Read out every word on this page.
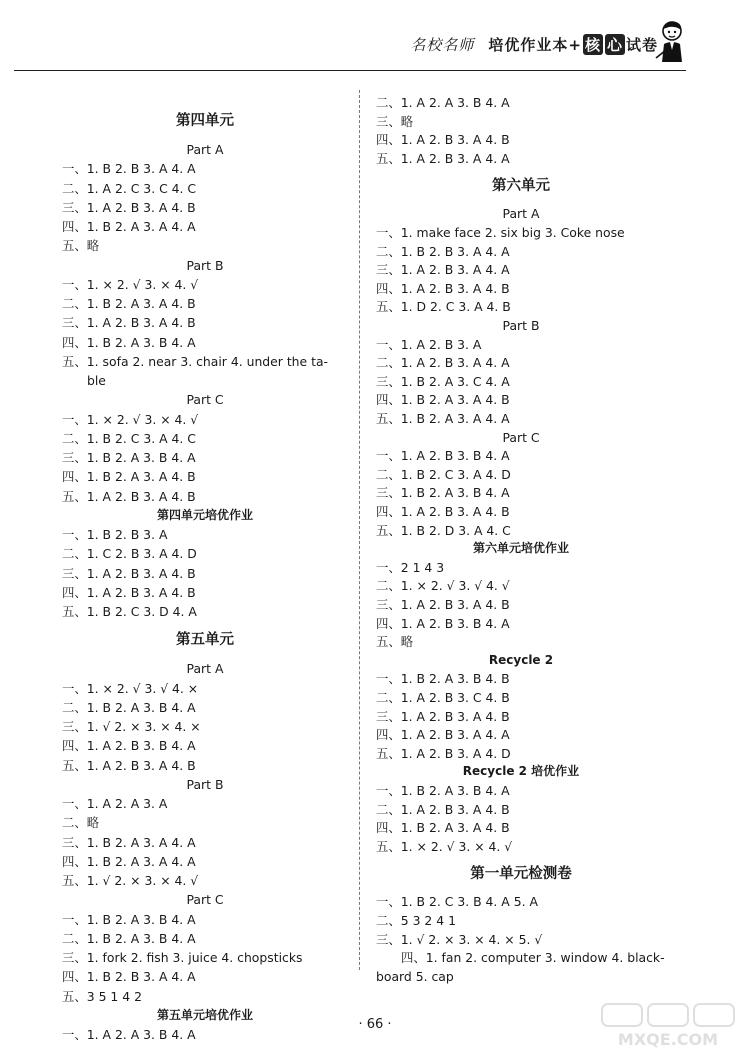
名校名师 培优作业本+ 核 心 试卷
第四单元
Part A
一、1. B 2. B 3. A 4. A
二、1. A 2. C 3. C 4. C
三、1. A 2. B 3. A 4. B
四、1. B 2. A 3. A 4. A
五、略
Part B
一、1. × 2. √ 3. × 4. √
二、1. B 2. A 3. A 4. B
三、1. A 2. B 3. A 4. B
四、1. B 2. A 3. B 4. A
五、1. sofa 2. near 3. chair 4. under the ta-
ble
Part C
一、1. × 2. √ 3. × 4. √
二、1. B 2. C 3. A 4. C
三、1. B 2. A 3. B 4. A
四、1. B 2. A 3. A 4. B
五、1. A 2. B 3. A 4. B
第四单元培优作业
一、1. B 2. B 3. A
二、1. C 2. B 3. A 4. D
三、1. A 2. B 3. A 4. B
四、1. A 2. B 3. A 4. B
五、1. B 2. C 3. D 4. A
第五单元
Part A
一、1. × 2. √ 3. √ 4. ×
二、1. B 2. A 3. B 4. A
三、1. √ 2. × 3. × 4. ×
四、1. A 2. B 3. B 4. A
五、1. A 2. B 3. A 4. B
Part B
一、1. A 2. A 3. A
二、略
三、1. B 2. A 3. A 4. A
四、1. B 2. A 3. A 4. A
五、1. √ 2. × 3. × 4. √
Part C
一、1. B 2. A 3. B 4. A
二、1. B 2. A 3. B 4. A
三、1. fork 2. fish 3. juice 4. chopsticks
四、1. B 2. B 3. A 4. A
五、3 5 1 4 2
第五单元培优作业
一、1. A 2. A 3. B 4. A
二、1. A 2. A 3. B 4. A
三、略
四、1. A 2. B 3. A 4. B
五、1. A 2. B 3. A 4. A
第六单元
Part A
一、1. make face 2. six big 3. Coke nose
二、1. B 2. B 3. A 4. A
三、1. A 2. B 3. A 4. A
四、1. A 2. B 3. A 4. B
五、1. D 2. C 3. A 4. B
Part B
一、1. A 2. B 3. A
二、1. A 2. B 3. A 4. A
三、1. B 2. A 3. C 4. A
四、1. B 2. A 3. A 4. B
五、1. B 2. A 3. A 4. A
Part C
一、1. A 2. B 3. B 4. A
二、1. B 2. C 3. A 4. D
三、1. B 2. A 3. B 4. A
四、1. A 2. B 3. A 4. B
五、1. B 2. D 3. A 4. C
第六单元培优作业
一、2 1 4 3
二、1. × 2. √ 3. √ 4. √
三、1. A 2. B 3. A 4. B
四、1. A 2. B 3. B 4. A
五、略
Recycle 2
一、1. B 2. A 3. B 4. B
二、1. A 2. B 3. C 4. B
三、1. A 2. B 3. A 4. B
四、1. A 2. B 3. A 4. A
五、1. A 2. B 3. A 4. D
Recycle 2 培优作业
一、1. B 2. A 3. B 4. A
二、1. A 2. B 3. A 4. B
四、1. B 2. A 3. A 4. B
五、1. × 2. √ 3. × 4. √
第一单元检测卷
一、1. B 2. C 3. B 4. A 5. A
二、5 3 2 4 1
三、1. √ 2. × 3. × 4. × 5. √
四、1. fan 2. computer 3. window 4. black-
board 5. cap
· 66 ·
MXQE.COM
